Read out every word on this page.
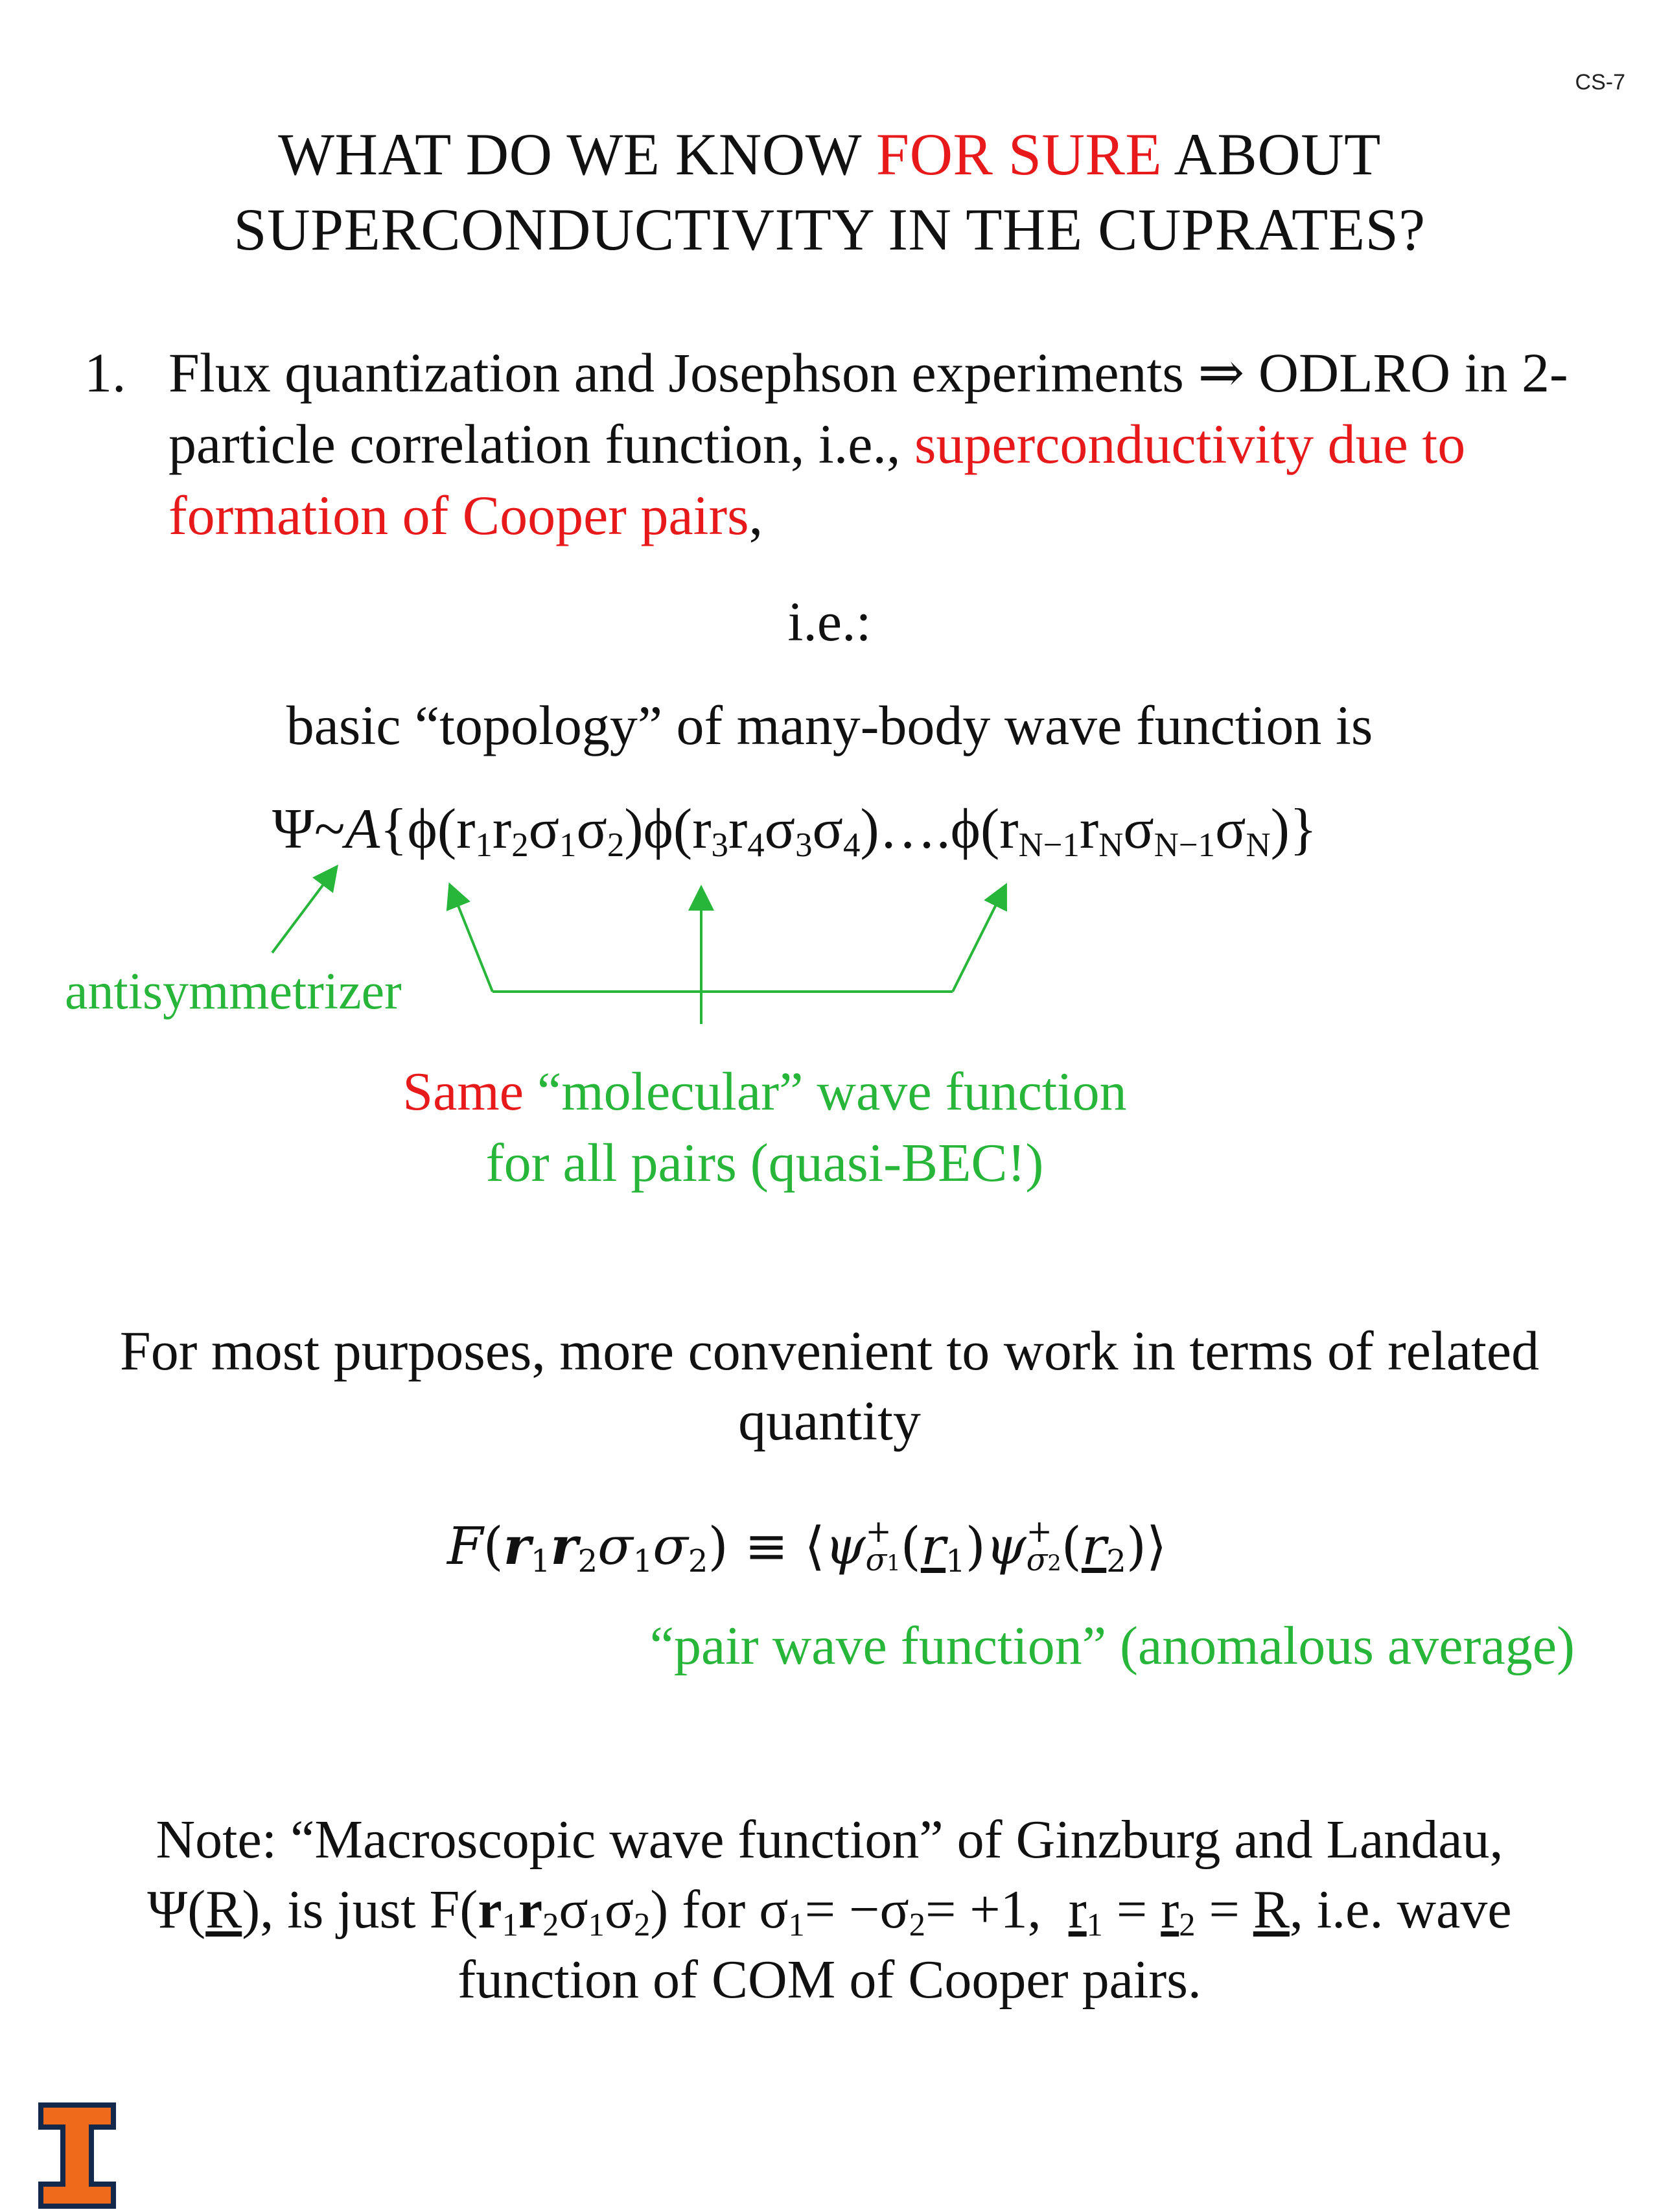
CS-7
WHAT DO WE KNOW FOR SURE ABOUT
SUPERCONDUCTIVITY IN THE CUPRATES?
1. Flux quantization and Josephson experiments ⇒ ODLRO in 2-particle correlation function, i.e., superconductivity due to formation of Cooper pairs,
i.e.:
basic “topology” of many-body wave function is
$\Psi\sim A\{\phi(r_1r_2\sigma_1\sigma_2)\phi(r_3r_4\sigma_3\sigma_4)\dots.\phi(r_{N-1}r_N\sigma_{N-1}\sigma_N)\}$
antisymmetrizer
Same “molecular” wave function
for all pairs (quasi-BEC!)
For most purposes, more convenient to work in terms of related
quantity
$F(r_1r_2\sigma_1\sigma_2)$ ≡ ⟨ψ+
σ1(r1)ψ+
σ2(r2)⟩
“pair wave function” (anomalous average)
Note: “Macroscopic wave function” of Ginzburg and Landau,
Ψ(R), is just $F(r_1r_2\sigma_1\sigma_2)$ for $\sigma_1= -\sigma_2= +1$,  $r_1 = r_2 = R$, i.e. wave
function of COM of Cooper pairs.
